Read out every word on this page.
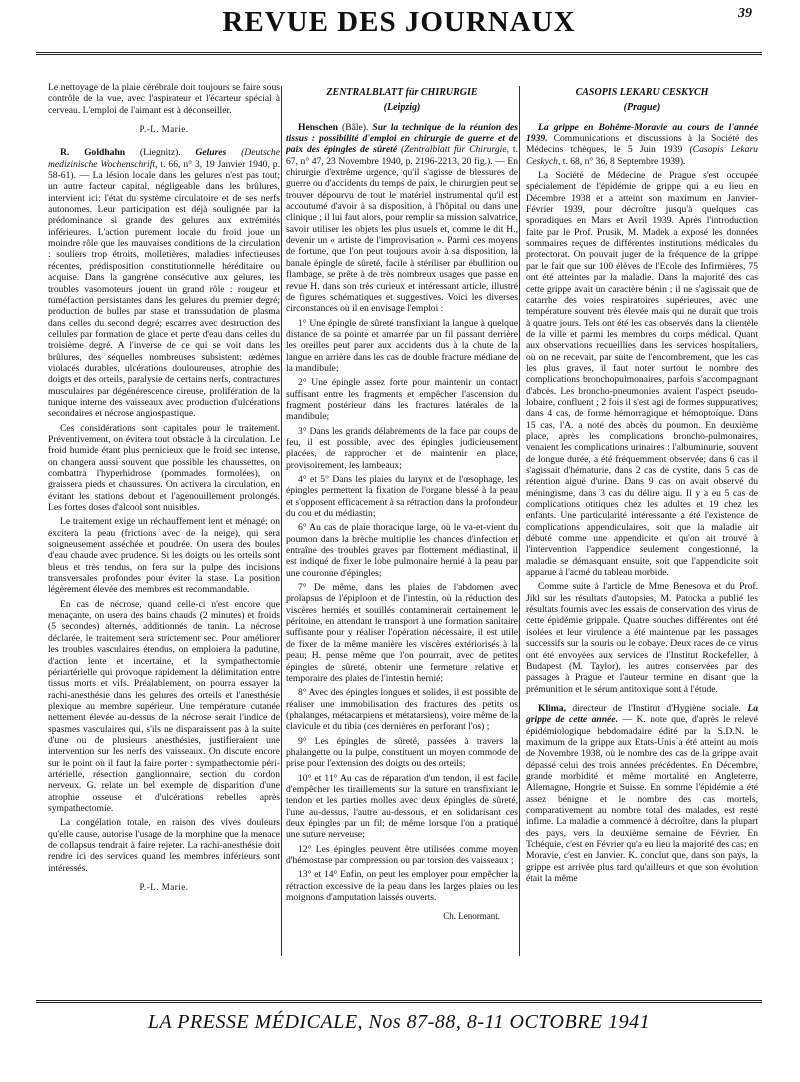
REVUE DES JOURNAUX	39

Le nettoyage de la plaie cérébrale doit toujours se faire sous contrôle de la vue, avec l'aspirateur et l'écarteur spécial à cerveau. L'emploi de l'aimant est à déconseiller.

P.-L. Marie.

R. Goldhahn (Liegnitz). Gelures (Deutsche medizinische Wochenschrift, t. 66, n° 3, 19 Janvier 1940, p. 58-61). — La lésion locale dans les gelures n'est pas tout; un autre facteur capital, négligeable dans les brûlures, intervient ici: l'état du système circulatoire et de ses nerfs autonomes. Leur participation est déjà soulignée par la prédominance si grande des gelures aux extrémités inférieures. L'action purement locale du froid joue un moindre rôle que les mauvaises conditions de la circulation : souliers trop étroits, molletières, maladies infectieuses récentes, prédisposition constitutionnelle héréditaire ou acquise. Dans la gangrène consécutive aux gelures, les troubles vasomoteurs jouent un grand rôle : rougeur et tuméfaction persistantes dans les gelures du premier degré; production de bulles par stase et transsudation de plasma dans celles du second degré; escarres avec destruction des cellules par formation de glace et perte d'eau dans celles du troisième degré. A l'inverse de ce qui se voit dans les brûlures, des séquelles nombreuses subsistent: œdèmes violacés durables, ulcérations douloureuses, atrophie des doigts et des orteils, paralysie de certains nerfs, contractures musculaires par dégénérescence cireuse, prolifération de la tunique interne des vaisseaux avec production d'ulcérations secondaires et nécrose angiospastique.

Ces considérations sont capitales pour le traitement. Préventivement, on évitera tout obstacle à la circulation. Le froid humide étant plus pernicieux que le froid sec intense, on changera aussi souvent que possible les chaussettes, on combattra l'hyperhidrose (pommades formolées), on graissera pieds et chaussures. On activera la circulation, en évitant les stations debout et l'agenouillement prolongés. Les fortes doses d'alcool sont nuisibles.

Le traitement exige un réchauffement lent et ménagé; on excitera la peau (frictions avec de la neige), qui sera soigneusement asséchée et poudrée. On usera des boules d'eau chaude avec prudence. Si les doigts ou les orteils sont bleus et très tendus, on fera sur la pulpe des incisions transversales profondes pour éviter la stase. La position légèrement élevée des membres est recommandable.

En cas de nécrose, quand celle-ci n'est encore que menaçante, on usera des bains chauds (2 minutes) et froids (5 secondes) alternés, additionnés de tanin. La nécrose déclarée, le traitement sera strictement sec. Pour améliorer les troubles vasculaires étendus, on emploiera la padutine, d'action lente et incertaine, et la sympathectomie périartérielle qui provoque rapidement la délimitation entre tissus morts et vifs. Préalablement, on pourra essayer la rachi-anesthésie dans les gelures des orteils et l'anesthésie plexique au membre supérieur. Une température cutanée nettement élevée au-dessus de la nécrose serait l'indice de spasmes vasculaires qui, s'ils ne disparaissent pas à la suite d'une ou de plusieurs anesthésies, justifieraient une intervention sur les nerfs des vaisseaux. On discute encore sur le point où il faut la faire porter : sympathectomie péri-artérielle, résection ganglionnaire, section du cordon nerveux. G. relate un bel exemple de disparition d'une atrophie osseuse et d'ulcérations rebelles après sympathectomie.

La congélation totale, en raison des vives douleurs qu'elle cause, autorise l'usage de la morphine que la menace de collapsus tendrait à faire rejeter. La rachi-anesthésie doit rendre ici des services quand les membres inférieurs sont intéressés.

P.-L. Marie.

ZENTRALBLATT für CHIRURGIE

(Leipzig)

Henschen (Bâle). Sur la technique de la réunion des tissus : possibilité d'emploi en chirurgie de guerre et de paix des épingles de sûreté (Zentralblatt für Chirurgie, t. 67, n° 47, 23 Novembre 1940, p. 2196-2213, 20 fig.). — En chirurgie d'extrême urgence, qu'il s'agisse de blessures de guerre ou d'accidents du temps de paix, le chirurgien peut se trouver dépourvu de tout le matériel instrumental qu'il est accoutumé d'avoir à sa disposition, à l'hôpital ou dans une clinique ; il lui faut alors, pour remplir sa mission salvatrice, savoir utiliser les objets les plus usuels et, comme le dit H., devenir un « artiste de l'improvisation ». Parmi ces moyens de fortune, que l'on peut toujours avoir à sa disposition, la banale épingle de sûreté, facile à stériliser par ébullition ou flambage, se prête à de très nombreux usages que passe en revue H. dans son très curieux et intéressant article, illustré de figures schématiques et suggestives. Voici les diverses circonstances où il en envisage l'emploi :

1° Une épingle de sûreté transfixiant la langue à quelque distance de sa pointe et amarrée par un fil passant derrière les oreilles peut parer aux accidents dus à la chute de la langue en arrière dans les cas de double fracture médiane de la mandibule;

2° Une épingle assez forte pour maintenir un contact suffisant entre les fragments et empêcher l'ascension du fragment postérieur dans les fractures latérales de la mandibule;

3° Dans les grands délabrements de la face par coups de feu, il est possible, avec des épingles judicieusement placées, de rapprocher et de maintenir en place, provisoirement, les lambeaux;

4° et 5° Dans les plaies du larynx et de l'œsophage, les épingles permettent la fixation de l'organe blessé à la peau et s'opposent efficacement à sa rétraction dans la profondeur du cou et du médiastin;

6° Au cas de plaie thoracique large, où le va-et-vient du poumon dans la brèche multiplie les chances d'infection et entraîne des troubles graves par flottement médiastinal, il est indiqué de fixer le lobe pulmonaire hernié à la peau par une couronne d'épingles;

7° De même, dans les plaies de l'abdomen avec prolapsus de l'épiploon et de l'intestin, où la réduction des viscères herniés et souillés contaminerait certainement le péritoine, en attendant le transport à une formation sanitaire suffisante pour y réaliser l'opération nécessaire, il est utile de fixer de la même manière les viscères extériorisés à la peau; H. pense même que l'on pourrait, avec de petites épingles de sûreté, obtenir une fermeture relative et temporaire des plaies de l'intestin hernié;

8° Avec des épingles longues et solides, il est possible de réaliser une immobilisation des fractures des petits os (phalanges, métacarpiens et métatarsiens), voire même de la clavicule et du tibia (ces dernières en perforant l'os) ;

9° Les épingles de sûreté, passées à travers la phalangette ou la pulpe, constituent un moyen commode de prise pour l'extension des doigts ou des orteils;

10° et 11° Au cas de réparation d'un tendon, il est facile d'empêcher les tiraillements sur la suture en transfixiant le tendon et les parties molles avec deux épingles de sûreté, l'une au-dessus, l'autre au-dessous, et en solidarisant ces deux épingles par un fil; de même lorsque l'on a pratiqué une suture nerveuse;

12° Les épingles peuvent être utilisées comme moyen d'hémostase par compression ou par torsion des vaisseaux ;

13° et 14° Enfin, on peut les employer pour empêcher la rétraction excessive de la peau dans les larges plaies ou les moignons d'amputation laissés ouverts.

Ch. Lenormant.

CASOPIS LEKARU CESKYCH

(Prague)

La grippe en Bohême-Moravie au cours de l'année 1939. Communications et discussions à la Société des Médecins tchèques, le 5 Juin 1939 (Casopis Lekaru Ceskych, t. 68, n° 36, 8 Septembre 1939).

La Société de Médecine de Prague s'est occupée spécialement de l'épidémie de grippe qui a eu lieu en Décembre 1938 et a atteint son maximum en Janvier-Février 1939, pour décroître jusqu'à quelques cas sporadiques en Mars et Avril 1939. Après l'introduction faite par le Prof. Prusik, M. Madek a exposé les données sommaires reçues de différentes institutions médicales du protectorat. On pouvait juger de la fréquence de la grippe par le fait que sur 100 élèves de l'Ecole des Infirmières, 75 ont été atteintes par la maladie. Dans la majorité des cas cette grippe avait un caractère bénin ; il ne s'agissait que de catarrhe des voies respiratoires supérieures, avec une température souvent très élevée mais qui ne durait que trois à quatre jours. Tels ont été les cas observés dans la clientèle de la ville et parmi les membres du corps médical. Quant aux observations recueillies dans les services hospitaliers, où on ne recevait, par suite de l'encombrement, que les cas les plus graves, il faut noter surtout le nombre des complications bronchopulmonaires, parfois s'accompagnant d'abcès. Les broncho-pneumonies avaient l'aspect pseudo-lobaire, confluent ; 2 fois il s'est agi de formes suppuratives; dans 4 cas, de forme hémorragique et hémoptoïque. Dans 15 cas, l'A. a noté des abcès du poumon. En deuxième place, après les complications broncho-pulmonaires, venaient les complications urinaires : l'albuminurie, souvent de longue durée, a été fréquemment observée; dans 6 cas il s'agissait d'hématurie, dans 2 cas de cystite, dans 5 cas de rétention aiguë d'urine. Dans 9 cas on avait observé du méningisme, dans 3 cas du délire aigu. Il y a eu 5 cas de complications otitiques chez les adultes et 19 chez les enfants. Une particularité intéressante a été l'existence de complications appendiculaires, soit que la maladie ait débuté comme une appendicite et qu'on ait trouvé à l'intervention l'appendice seulement congestionné, la maladie se démasquant ensuite, soit que l'appendicite soit apparue à l'acmé du tableau morbide.

Comme suite à l'article de Mme Benesova et du Prof. Jikl sur les résultats d'autopsies, M. Patocka a publié les résultats fournis avec les essais de conservation des virus de cette épidémie grippale. Quatre souches différentes ont été isolées et leur virulence a été maintenue par les passages successifs sur la souris ou le cobaye. Deux races de ce virus ont été envoyées aux services de l'Institut Rockefeller, à Budapest (M. Taylor), les autres conservées par des passages à Prague et l'auteur termine en disant que la prémunition et le sérum antitoxique sont à l'étude.

Klima, directeur de l'Institut d'Hygiène sociale. La grippe de cette année. — K. note que, d'après le relevé épidémiologique hebdomadaire édité par la S.D.N. le maximum de la grippe aux Etats-Unis a été atteint au mois de Novembre 1938, où le nombre des cas de la grippe avait dépassé celui des trois années précédentes. En Décembre, grande morbidité et même mortalité en Angleterre, Allemagne, Hongrie et Suisse. En somme l'épidémie a été assez bénigne et le nombre des cas mortels, comparativement au nombre total des malades, est resté infime. La maladie a commencé à décroître, dans la plupart des pays, vers la deuxième semaine de Février. En Tchéquie, c'est en Février qu'a eu lieu la majorité des cas; en Moravie, c'est en Janvier. K. conclut que, dans son pays, la grippe est arrivée plus tard qu'ailleurs et que son évolution était la même

LA PRESSE MÉDICALE, Nos 87-88, 8-11 OCTOBRE 1941
